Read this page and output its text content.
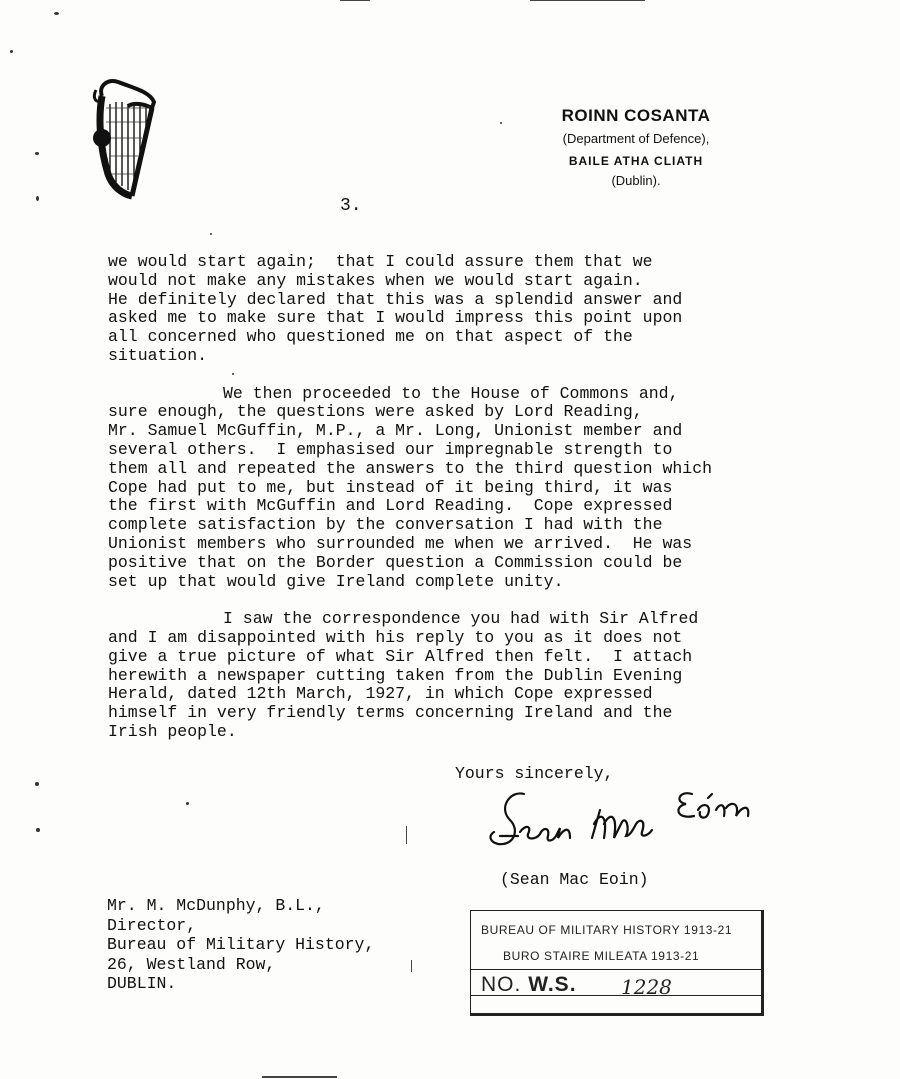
ROINN COSANTA
(Department of Defence),
BAILE ATHA CLIATH
(Dublin).
3.

we would start again;  that I could assure them that we
would not make any mistakes when we would start again.
He definitely declared that this was a splendid answer and
asked me to make sure that I would impress this point upon
all concerned who questioned me on that aspect of the
situation.

We then proceeded to the House of Commons and,
sure enough, the questions were asked by Lord Reading,
Mr. Samuel McGuffin, M.P., a Mr. Long, Unionist member and
several others.  I emphasised our impregnable strength to
them all and repeated the answers to the third question which
Cope had put to me, but instead of it being third, it was
the first with McGuffin and Lord Reading.  Cope expressed
complete satisfaction by the conversation I had with the
Unionist members who surrounded me when we arrived.  He was
positive that on the Border question a Commission could be
set up that would give Ireland complete unity.

I saw the correspondence you had with Sir Alfred
and I am disappointed with his reply to you as it does not
give a true picture of what Sir Alfred then felt.  I attach
herewith a newspaper cutting taken from the Dublin Evening
Herald, dated 12th March, 1927, in which Cope expressed
himself in very friendly terms concerning Ireland and the
Irish people.

Yours sincerely,
(Sean Mac Eoin)
Mr. M. McDunphy, B.L.,
Director,
Bureau of Military History,
26, Westland Row,
DUBLIN.
BUREAU OF MILITARY HISTORY 1913-21
BURO STAIRE MILEATA 1913-21
NO. W.S. 1228
